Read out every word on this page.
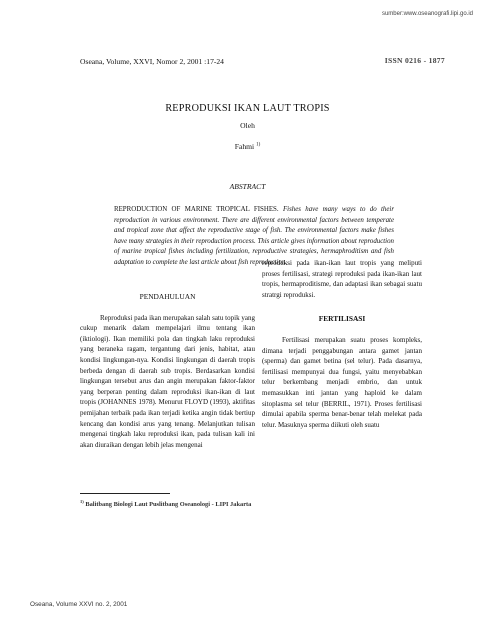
sumber:www.oseanografi.lipi.go.id
Oseana, Volume, XXVI, Nomor 2, 2001 :17-24	ISSN 0216 - 1877
REPRODUKSI IKAN LAUT TROPIS
Oleh
Fahmi $^{1)}$
ABSTRACT
REPRODUCTION OF MARINE TROPICAL FISHES. Fishes have many ways to do their reproduction in various environment. There are different environmental factors between temperate and tropical zone that affect the reproductive stage of fish. The environmental factors make fishes have many strategies in their reproduction process. This article gives information about reproduction of marine tropical fishes including fertilization, reproductive strategies, hermaphroditism and fish adaptation to complete the last article about fish reproduction.
PENDAHULUAN

Reproduksi pada ikan merupakan salah satu topik yang cukup menarik dalam mempelajari ilmu tentang ikan (iktiologi). Ikan memiliki pola dan tingkah laku reproduksi yang beraneka ragam, tergantung dari jenis, habitat, atau kondisi lingkungan-nya. Kondisi lingkungan di daerah tropis berbeda dengan di daerah sub tropis. Berdasarkan kondisi lingkungan tersebut arus dan angin merupakan faktor-faktor yang berperan penting dalam reproduksi ikan-ikan di laut tropis (JOHANNES 1978). Menurut FLOYD (1993), aktifitas pemijahan terbaik pada ikan terjadi ketika angin tidak bertiup kencang dan kondisi arus yang tenang. Melanjutkan tulisan mengenai tingkah laku reproduksi ikan, pada tulisan kali ini akan diuraikan dengan lebih jelas mengenai

reproduksi pada ikan-ikan laut tropis yang meliputi proses fertilisasi, strategi reproduksi pada ikan-ikan laut tropis, hermaproditisme, dan adaptasi ikan sebagai suatu stratrgi reproduksi.

FERTILISASI

Fertilisasi merupakan suatu proses kompleks, dimana terjadi penggabungan antara gamet jantan (sperma) dan gamet betina (sel telur). Pada dasarnya, fertilisasi mempunyai dua fungsi, yaitu menyebabkan telur berkembang menjadi embrio, dan untuk memasukkan inti jantan yang haploid ke dalam sitoplasma sel telur (BERRIL, 1971). Proses fertilisasi dimulai apabila sperma benar-benar telah melekat pada telur. Masuknya sperma diikuti oleh suatu

$^{1)}$ Balitbang Biologi Laut Puslitbang Oseanologi - LIPI Jakarta
Oseana, Volume XXVI no. 2, 2001
